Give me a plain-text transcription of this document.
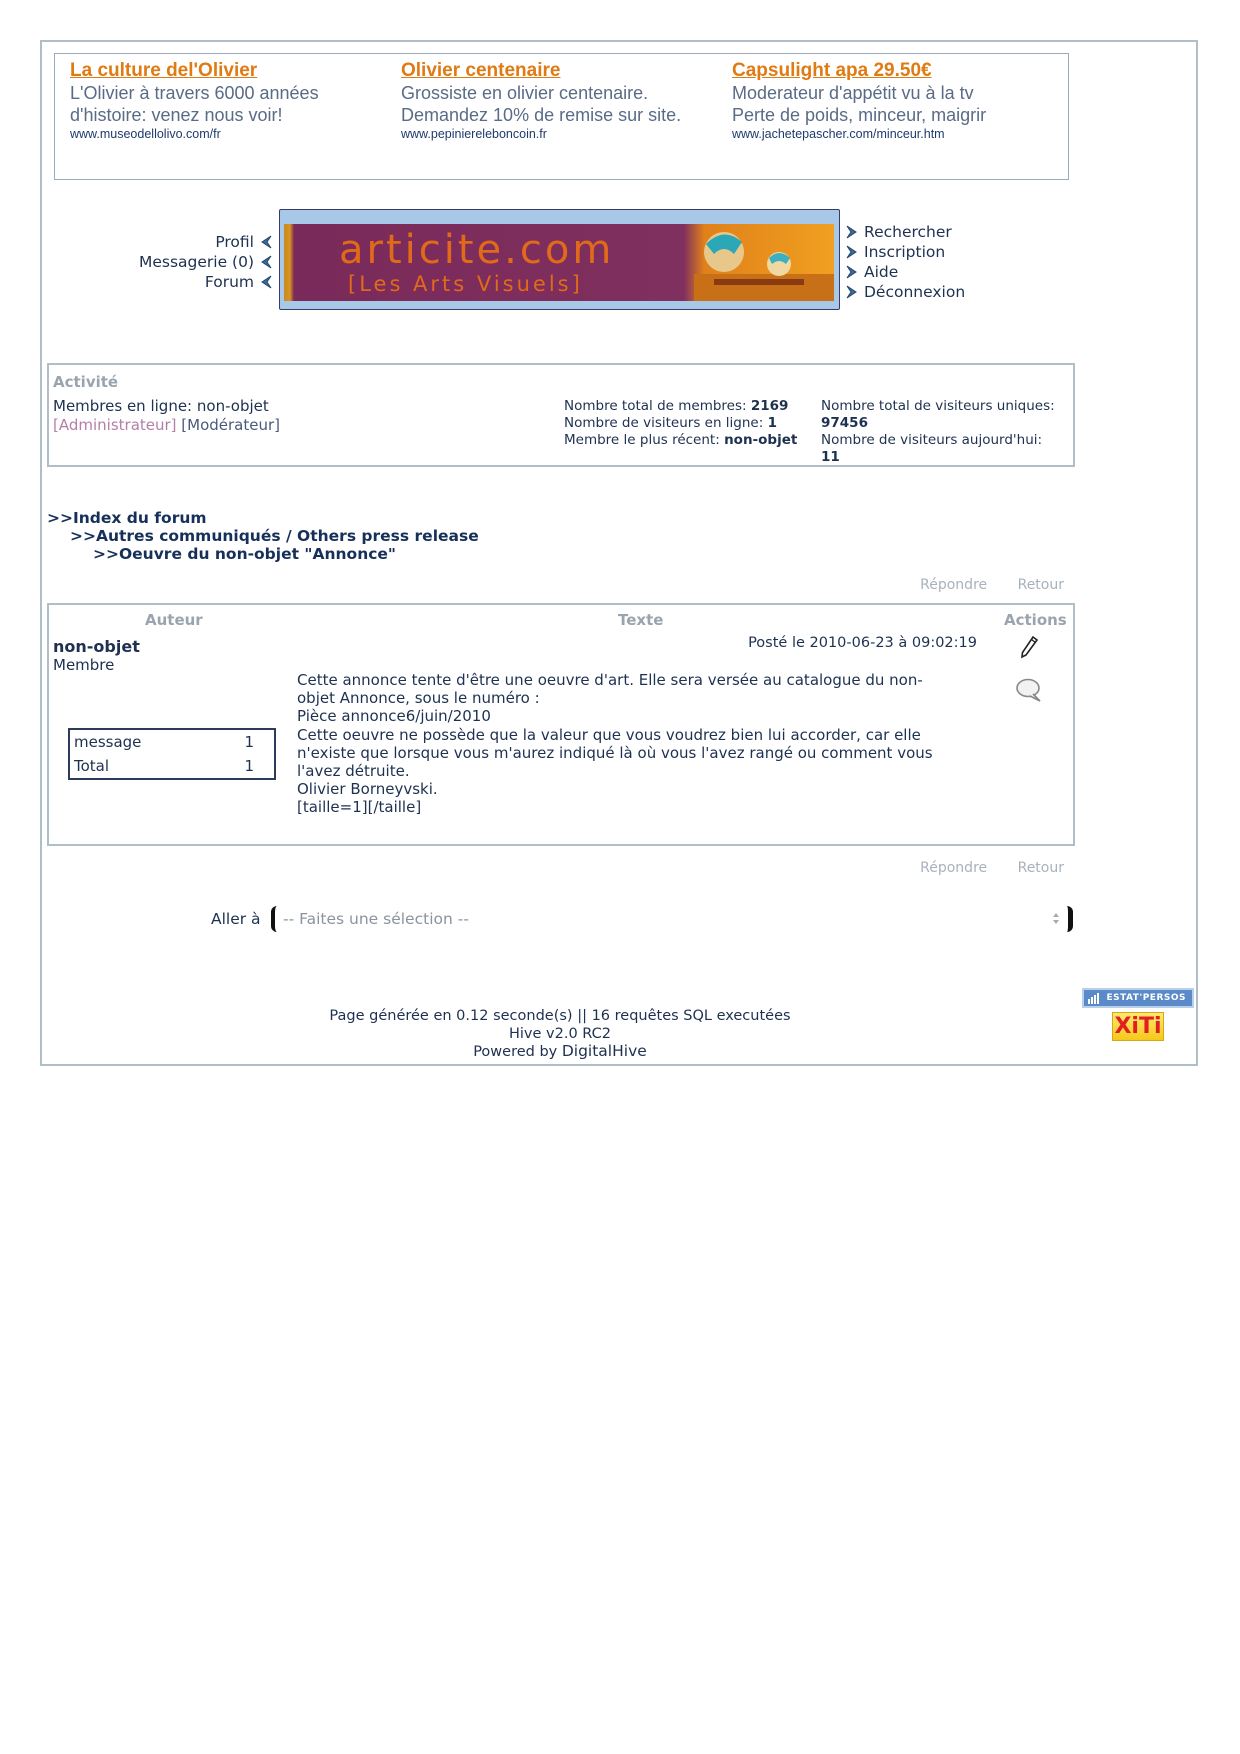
La culture del'Olivier
L'Olivier à travers 6000 années
d'histoire: venez nous voir!
www.museodellolivo.com/fr
Olivier centenaire
Grossiste en olivier centenaire.
Demandez 10% de remise sur site.
www.pepiniereleboncoin.fr
Capsulight apa 29.50€
Moderateur d'appétit vu à la tv
Perte de poids, minceur, maigrir
www.jachetepascher.com/minceur.htm
Profil
Messagerie (0)
Forum
articite.com
[Les Arts Visuels]
Rechercher
Inscription
Aide
Déconnexion
Activité
Membres en ligne: non-objet
[Administrateur] [Modérateur]
Nombre total de membres: 2169
Nombre de visiteurs en ligne: 1
Membre le plus récent: non-objet
Nombre total de visiteurs uniques:
97456
Nombre de visiteurs aujourd'hui:
11
>>Index du forum
>>Autres communiqués / Others press release
>>Oeuvre du non-objet "Annonce"
Répondre Retour
Auteur	Texte	Actions
non-objet
Membre
message	1
Total	1
Posté le 2010-06-23 à 09:02:19
Cette annonce tente d'être une oeuvre d'art. Elle sera versée au catalogue du non-
objet Annonce, sous le numéro :
Pièce annonce6/juin/2010
Cette oeuvre ne possède que la valeur que vous voudrez bien lui accorder, car elle
n'existe que lorsque vous m'aurez indiqué là où vous l'avez rangé ou comment vous
l'avez détruite.
Olivier Borneyvski.
[taille=1][/taille]
Répondre Retour
Aller à	-- Faites une sélection --
Page générée en 0.12 seconde(s) || 16 requêtes SQL executées
Hive v2.0 RC2
Powered by DigitalHive
ESTAT'PERSOS
XiTi
